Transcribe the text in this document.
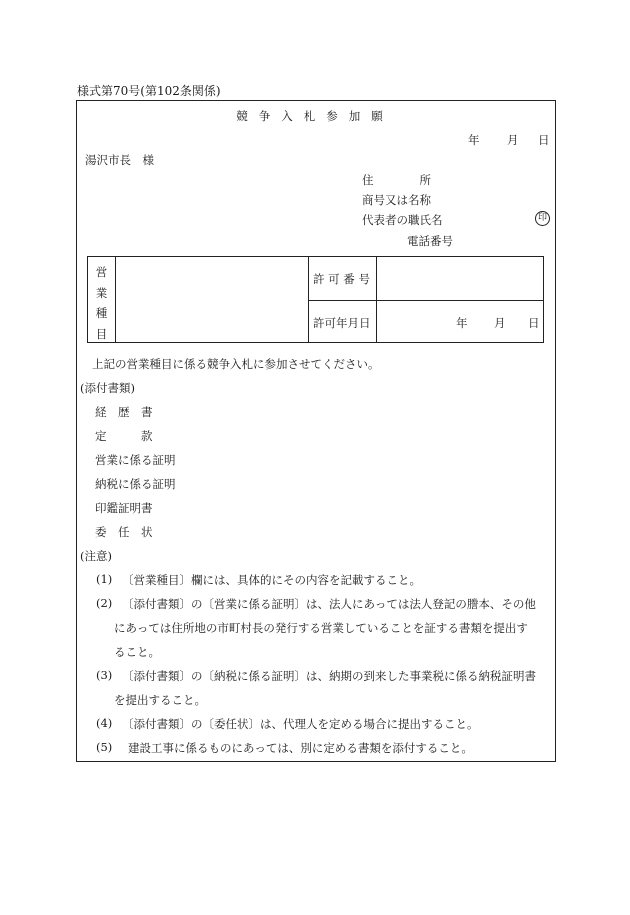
様式第70号(第102条関係)
競争入札参加願
年 月 日
湯沢市長　様
住　　　　所
商号又は名称
代表者の職氏名	印
電話番号
営
業
種
目
許 可 番 号
許可年月日	年 月 日
上記の営業種目に係る競争入札に参加させてください。
(添付書類)
経　歴　書
定　　　款
営業に係る証明
納税に係る証明
印鑑証明書
委　任　状
(注意)
(1) 〔営業種目〕欄には、具体的にその内容を記載すること。
(2) 〔添付書類〕の〔営業に係る証明〕は、法人にあっては法人登記の謄本、その他
にあっては住所地の市町村長の発行する営業していることを証する書類を提出す
ること。
(3) 〔添付書類〕の〔納税に係る証明〕は、納期の到来した事業税に係る納税証明書
を提出すること。
(4) 〔添付書類〕の〔委任状〕は、代理人を定める場合に提出すること。
(5) 建設工事に係るものにあっては、別に定める書類を添付すること。
